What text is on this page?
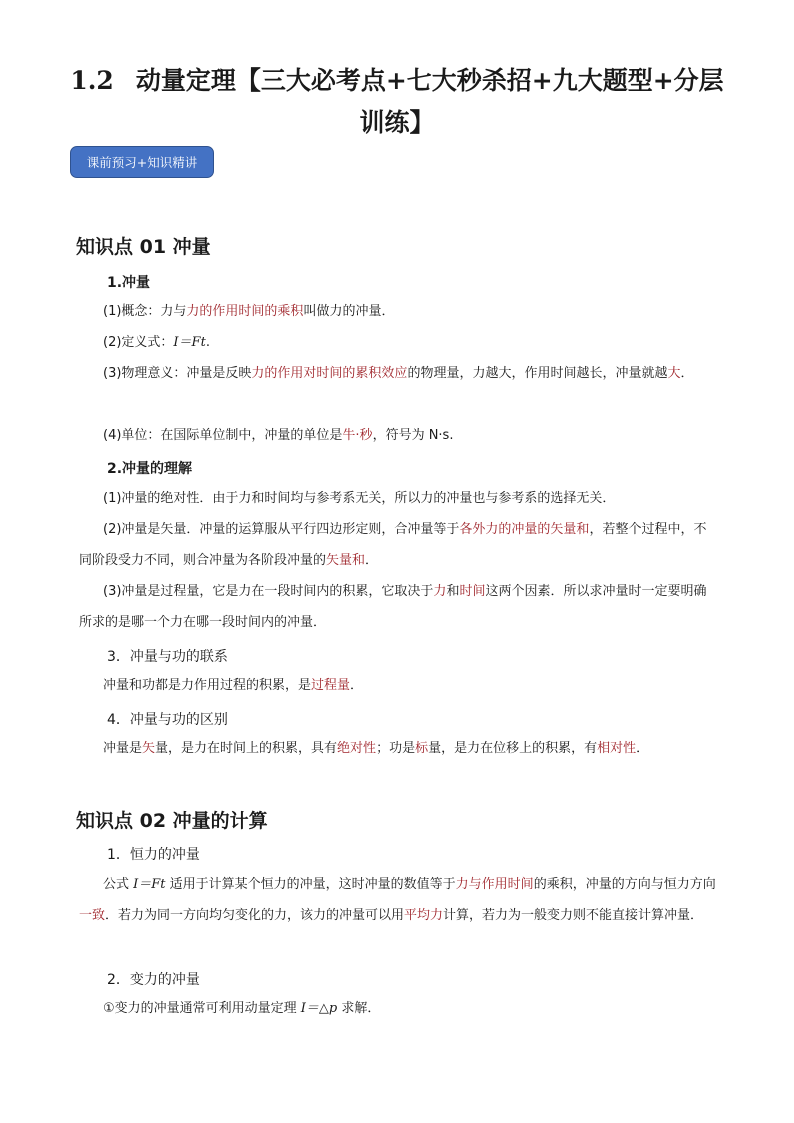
1.2 动量定理【三大必考点+七大秒杀招+九大题型+分层训练】
课前预习+知识精讲
知识点 01 冲量
1.冲量

(1)概念：力与力的作用时间的乘积叫做力的冲量．

(2)定义式：I＝Ft.

(3)物理意义：冲量是反映力的作用对时间的累积效应的物理量，力越大，作用时间越长，冲量就越大．

(4)单位：在国际单位制中，冲量的单位是牛·秒，符号为 N·s.

2.冲量的理解

(1)冲量的绝对性．由于力和时间均与参考系无关，所以力的冲量也与参考系的选择无关．

(2)冲量是矢量．冲量的运算服从平行四边形定则，合冲量等于各外力的冲量的矢量和，若整个过程中，不同阶段受力不同，则合冲量为各阶段冲量的矢量和．

(3)冲量是过程量，它是力在一段时间内的积累，它取决于力和时间这两个因素．所以求冲量时一定要明确所求的是哪一个力在哪一段时间内的冲量．

3．冲量与功的联系

冲量和功都是力作用过程的积累，是过程量．

4．冲量与功的区别

冲量是矢量，是力在时间上的积累，具有绝对性；功是标量，是力在位移上的积累，有相对性．

知识点 02 冲量的计算
1．恒力的冲量

公式 I＝Ft 适用于计算某个恒力的冲量，这时冲量的数值等于力与作用时间的乘积，冲量的方向与恒力方向一致．若力为同一方向均匀变化的力，该力的冲量可以用平均力计算，若力为一般变力则不能直接计算冲量．

2．变力的冲量

①变力的冲量通常可利用动量定理 I＝△p 求解．
